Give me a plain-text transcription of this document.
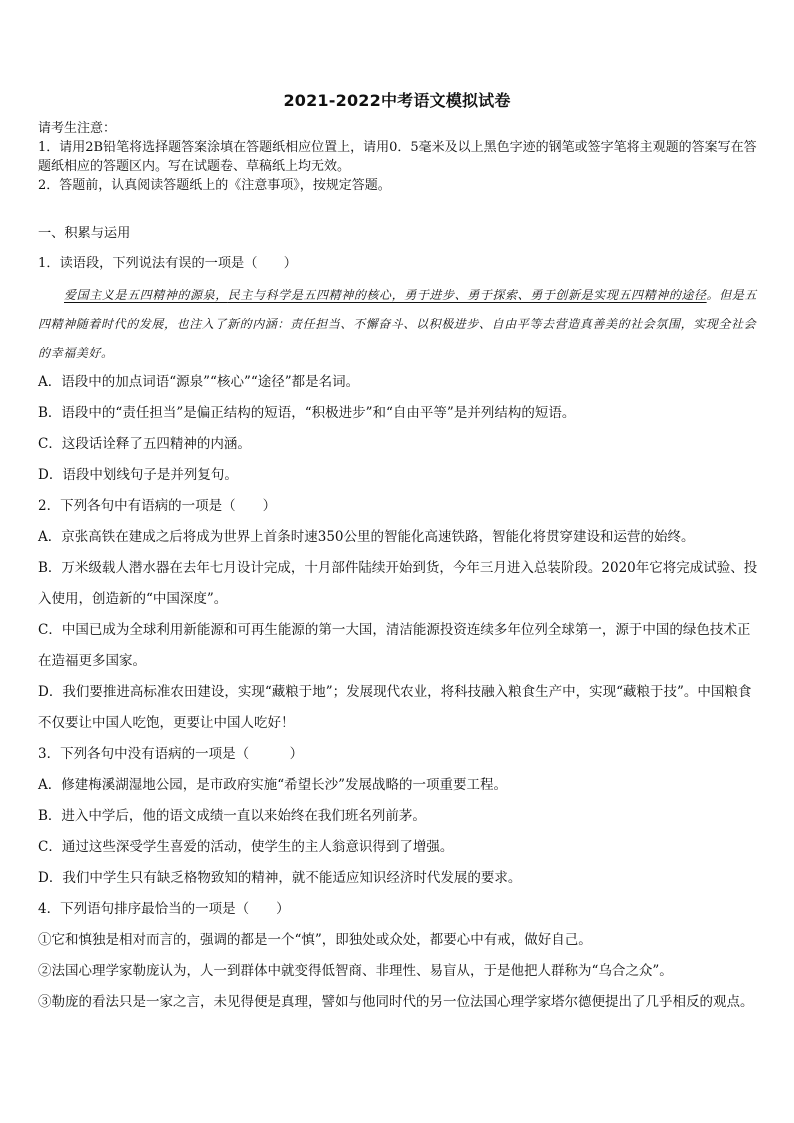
2021-2022中考语文模拟试卷

请考生注意：

1．请用2B铅笔将选择题答案涂填在答题纸相应位置上，请用0．5毫米及以上黑色字迹的钢笔或签字笔将主观题的答案写在答题纸相应的答题区内。写在试题卷、草稿纸上均无效。

2．答题前，认真阅读答题纸上的《注意事项》，按规定答题。

一、积累与运用

1．读语段，下列说法有误的一项是（　　）

爱国主义是五四精神的源泉，民主与科学是五四精神的核心，勇于进步、勇于探索、勇于创新是实现五四精神的途径。但是五四精神随着时代的发展，也注入了新的内涵：责任担当、不懈奋斗、以积极进步、自由平等去营造真善美的社会氛围，实现全社会的幸福美好。

A．语段中的加点词语“源泉”“核心”“途径”都是名词。

B．语段中的“责任担当”是偏正结构的短语，“积极进步”和“自由平等”是并列结构的短语。

C．这段话诠释了五四精神的内涵。

D．语段中划线句子是并列复句。

2．下列各句中有语病的一项是（　　）

A．京张高铁在建成之后将成为世界上首条时速350公里的智能化高速铁路，智能化将贯穿建设和运营的始终。

B．万米级载人潜水器在去年七月设计完成，十月部件陆续开始到货，今年三月进入总装阶段。2020年它将完成试验、投入使用，创造新的“中国深度”。

C．中国已成为全球利用新能源和可再生能源的第一大国，清洁能源投资连续多年位列全球第一，源于中国的绿色技术正在造福更多国家。

D．我们要推进高标准农田建设，实现“藏粮于地”；发展现代农业，将科技融入粮食生产中，实现“藏粮于技”。中国粮食不仅要让中国人吃饱，更要让中国人吃好！

3．下列各句中没有语病的一项是（　　　）

A．修建梅溪湖湿地公园，是市政府实施“希望长沙”发展战略的一项重要工程。

B．进入中学后，他的语文成绩一直以来始终在我们班名列前茅。

C．通过这些深受学生喜爱的活动，使学生的主人翁意识得到了增强。

D．我们中学生只有缺乏格物致知的精神，就不能适应知识经济时代发展的要求。

4．下列语句排序最恰当的一项是（　　）

①它和慎独是相对而言的，强调的都是一个“慎”，即独处或众处，都要心中有戒，做好自己。

②法国心理学家勒庞认为，人一到群体中就变得低智商、非理性、易盲从，于是他把人群称为“乌合之众”。

③勒庞的看法只是一家之言，未见得便是真理，譬如与他同时代的另一位法国心理学家塔尔德便提出了几乎相反的观点。
